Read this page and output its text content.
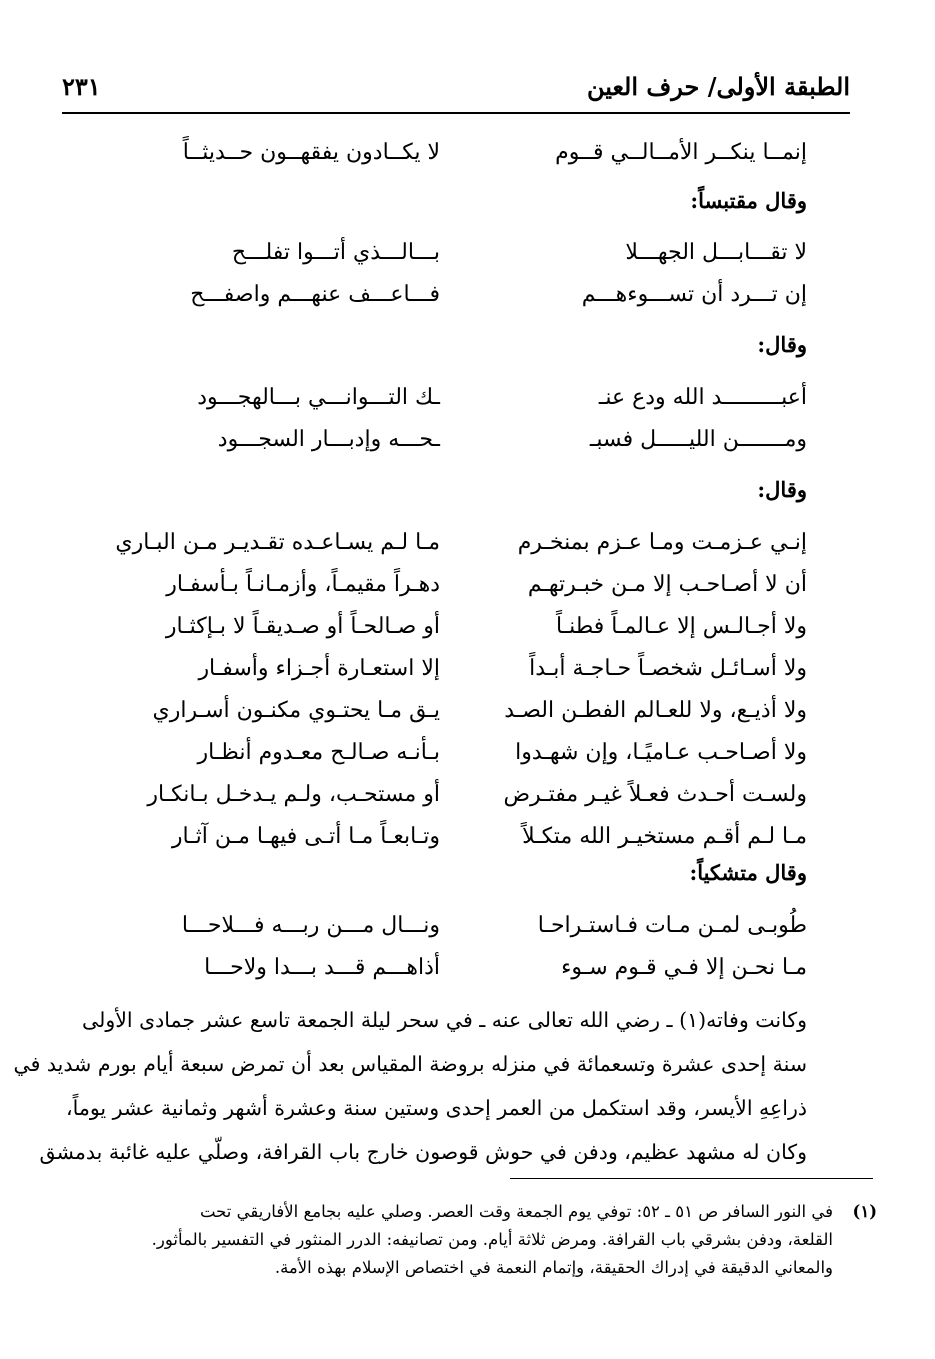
الطبقة الأولى/ حرف العين
٢٣١
إنمــا ينكــر الأمــالــي قــوم
لا يكــادون يفقهــون حــديثــاً
وقال مقتبساً:
لا تقـــابـــل الجهـــلا
بـــالـــذي أتـــوا تفلـــح
إن تـــرد أن تســـوءهـــم
فـــاعـــف عنهـــم واصفـــح
وقال:
أعبـــــــــد الله ودع عنـ
ـك التـــوانـــي بـــالهجـــود
ومـــــــن الليـــــل فسبـ
ـحـــه وإدبـــار السجـــود
وقال:
إنـي عـزمـت ومـا عـزم بمنخـرم
مـا لـم يسـاعـده تقـديـر مـن البـاري
أن لا أصـاحـب إلا مـن خبـرتهـم
دهـراً مقيمـاً، وأزمـانـاً بـأسفـار
ولا أجـالـس إلا عـالمـاً فطنـاً
أو صـالحـاً أو صـديقـاً لا بـإكثـار
ولا أسـائـل شخصـاً حـاجـة أبـداً
إلا استعـارة أجـزاء وأسفـار
ولا أذيـع، ولا للعـالم الفطـن الصـد
يـق مـا يحتـوي مكنـون أسـراري
ولا أصـاحـب عـاميًـا، وإن شهـدوا
بـأنـه صـالـح معـدوم أنظـار
ولسـت أحـدث فعـلاً غيـر مفتـرض
أو مستحـب، ولـم يـدخـل بـانكـار
مـا لـم أقـم مستخيـر الله متكـلاً
وتـابعـاً مـا أتـى فيهـا مـن آثـار
وقال متشكياً:
طُوبـى لمـن مـات فـاستـراحـا
ونـــال مـــن ربـــه فـــلاحـــا
مـا نحـن إلا فـي قـوم سـوء
أذاهـــم قـــد بـــدا ولاحـــا
وكانت وفاته(١) ـ رضي الله تعالى عنه ـ في سحر ليلة الجمعة تاسع عشر جمادى الأولى
سنة إحدى عشرة وتسعمائة في منزله بروضة المقياس بعد أن تمرض سبعة أيام بورم شديد في
ذراعِهِ الأيسر، وقد استكمل من العمر إحدى وستين سنة وعشرة أشهر وثمانية عشر يوماً،
وكان له مشهد عظيم، ودفن في حوش قوصون خارج باب القرافة، وصلّي عليه غائبة بدمشق
(١)
في النور السافر ص ٥١ ـ ٥٢: توفي يوم الجمعة وقت العصر. وصلي عليه بجامع الأفاريقي تحت
القلعة، ودفن بشرقي باب القرافة. ومرض ثلاثة أيام. ومن تصانيفه: الدرر المنثور في التفسير بالمأثور.
والمعاني الدقيقة في إدراك الحقيقة، وإتمام النعمة في اختصاص الإسلام بهذه الأمة.
